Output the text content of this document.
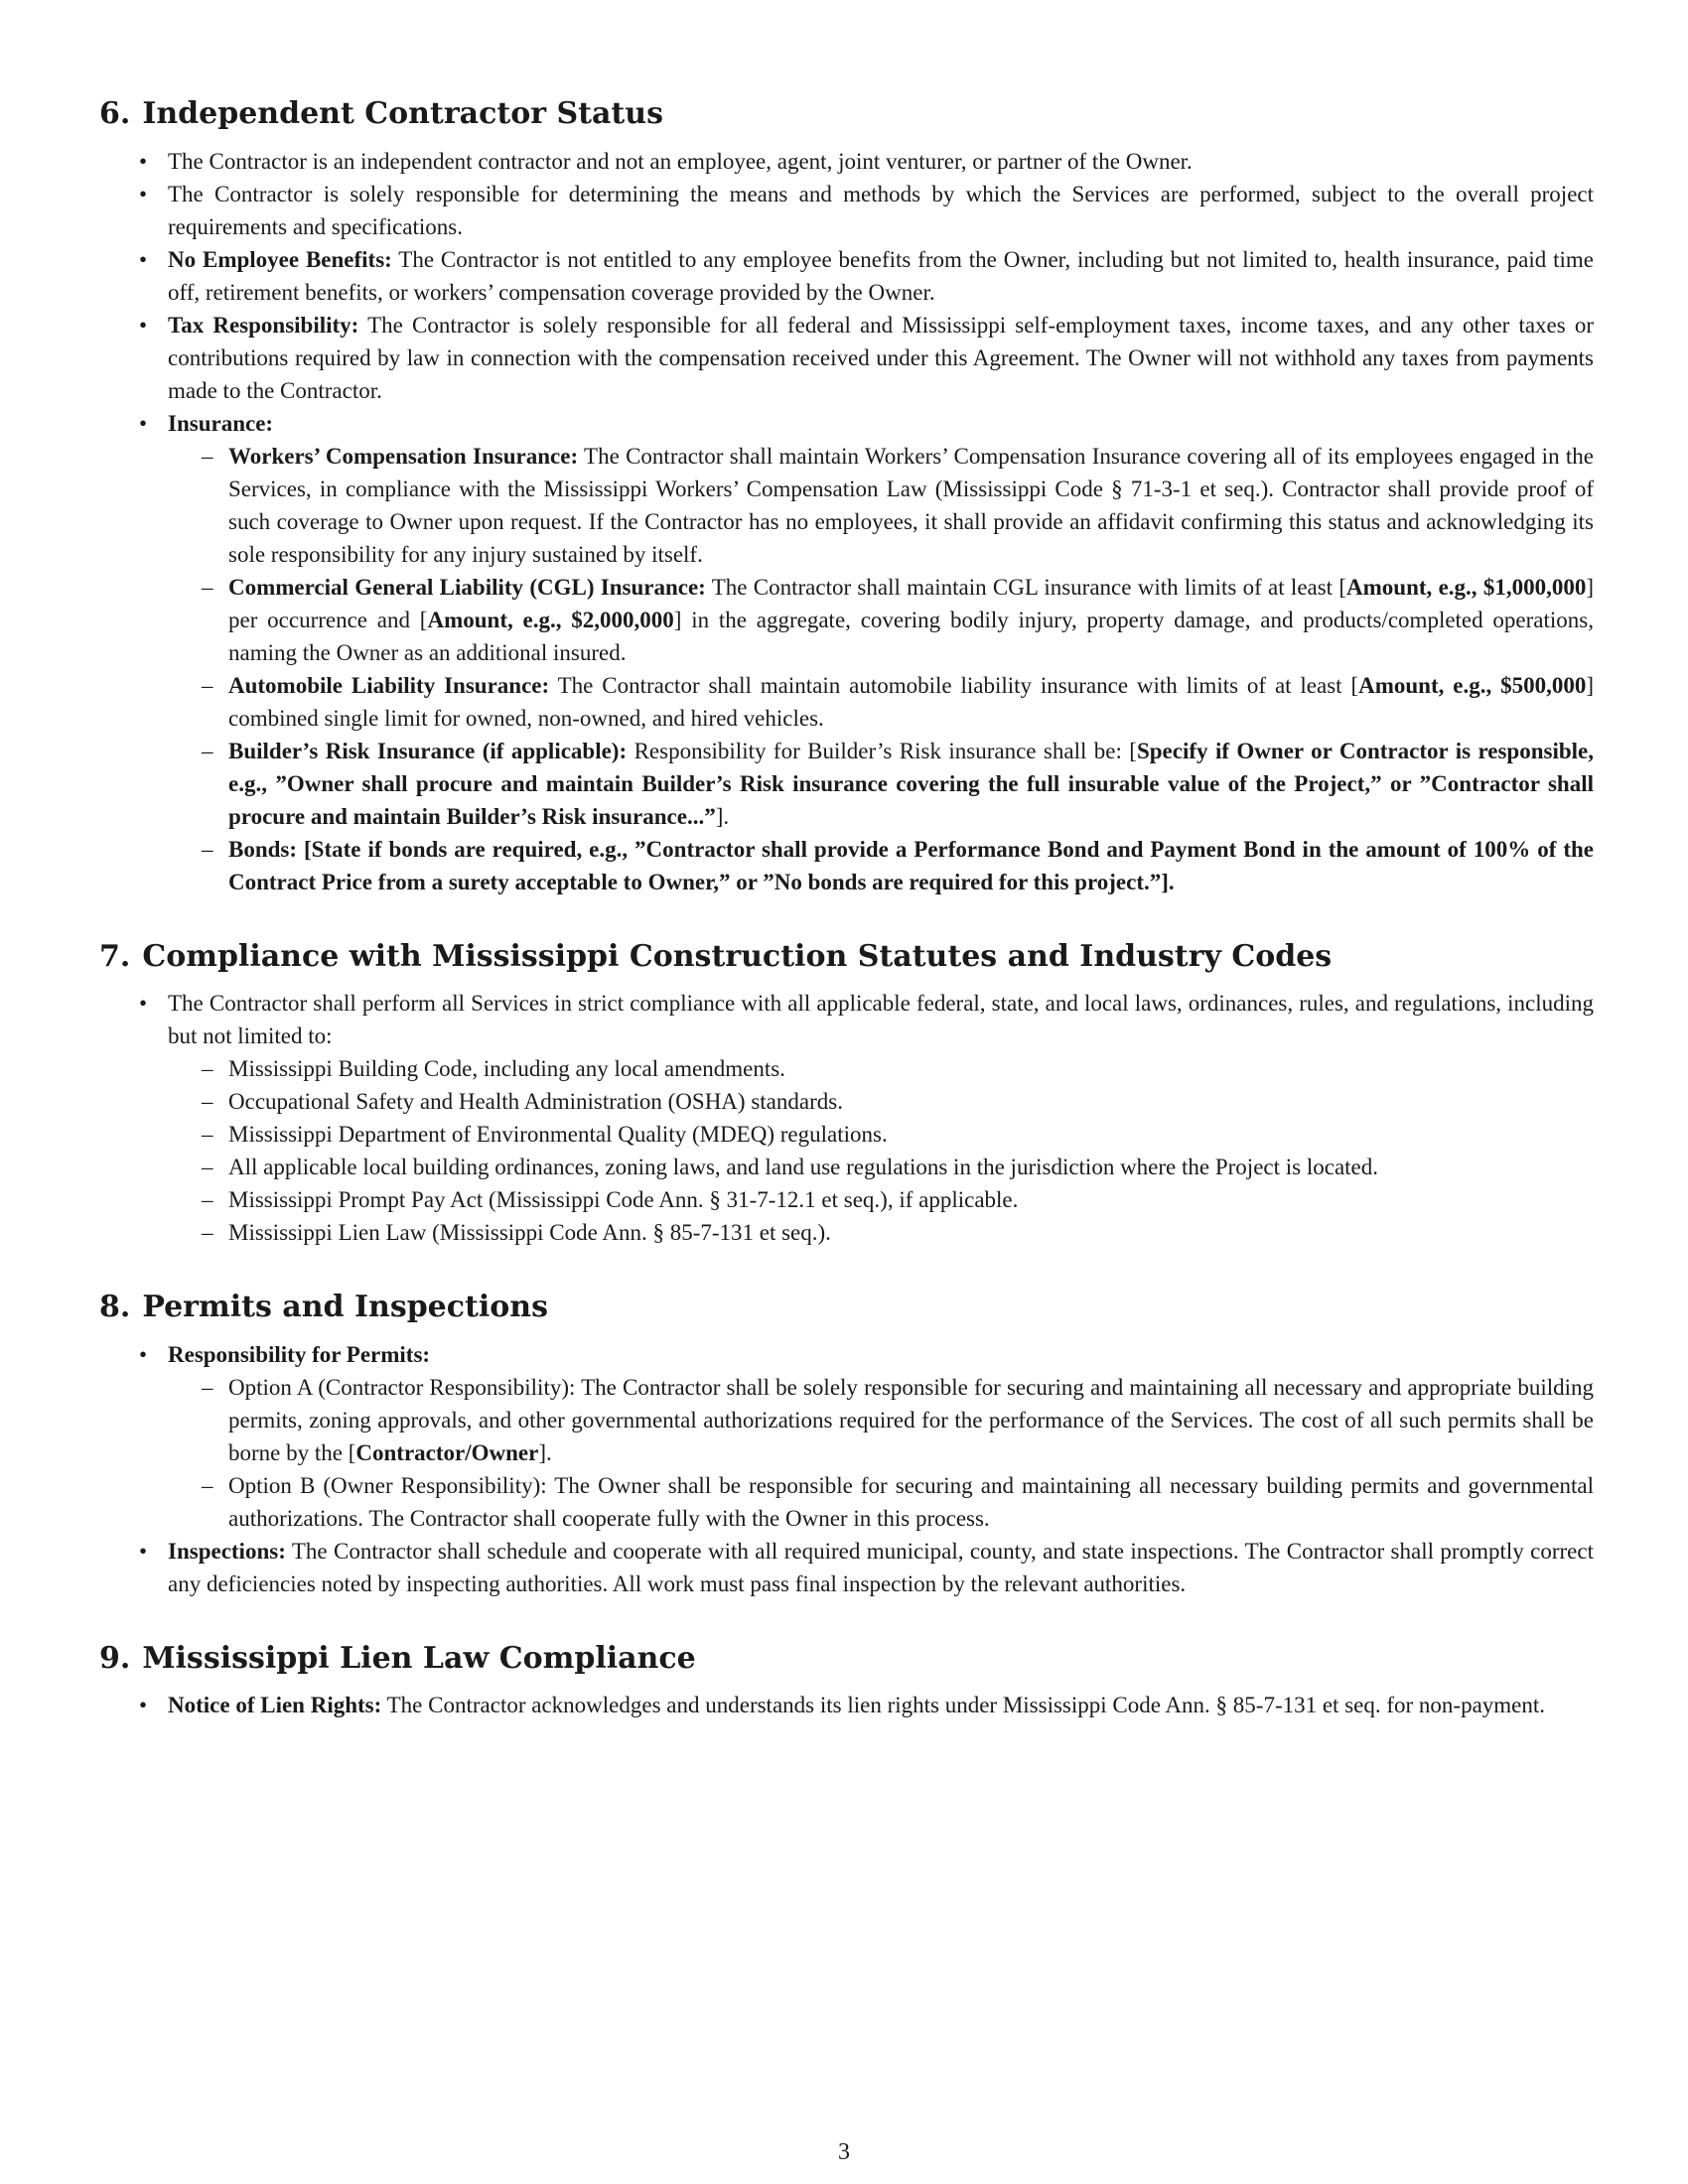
6. Independent Contractor Status
• The Contractor is an independent contractor and not an employee, agent, joint venturer, or partner of the Owner.
• The Contractor is solely responsible for determining the means and methods by which the Services are performed, subject to the overall project requirements and specifications.
• No Employee Benefits: The Contractor is not entitled to any employee benefits from the Owner, including but not limited to, health insurance, paid time off, retirement benefits, or workers’ compensation coverage provided by the Owner.
• Tax Responsibility: The Contractor is solely responsible for all federal and Mississippi self-employment taxes, income taxes, and any other taxes or contributions required by law in connection with the compensation received under this Agreement. The Owner will not withhold any taxes from payments made to the Contractor.
• Insurance:
– Workers’ Compensation Insurance: The Contractor shall maintain Workers’ Compensation Insurance covering all of its employees engaged in the Services, in compliance with the Mississippi Workers’ Compensation Law (Mississippi Code § 71-3-1 et seq.). Contractor shall provide proof of such coverage to Owner upon request. If the Contractor has no employees, it shall provide an affidavit confirming this status and acknowledging its sole responsibility for any injury sustained by itself.
– Commercial General Liability (CGL) Insurance: The Contractor shall maintain CGL insurance with limits of at least [Amount, e.g., $1,000,000] per occurrence and [Amount, e.g., $2,000,000] in the aggregate, covering bodily injury, property damage, and products/completed operations, naming the Owner as an additional insured.
– Automobile Liability Insurance: The Contractor shall maintain automobile liability insurance with limits of at least [Amount, e.g., $500,000] combined single limit for owned, non-owned, and hired vehicles.
– Builder’s Risk Insurance (if applicable): Responsibility for Builder’s Risk insurance shall be: [Specify if Owner or Contractor is responsible, e.g., ”Owner shall procure and maintain Builder’s Risk insurance covering the full insurable value of the Project,” or ”Contractor shall procure and maintain Builder’s Risk insurance...”].
– Bonds: [State if bonds are required, e.g., ”Contractor shall provide a Performance Bond and Payment Bond in the amount of 100% of the Contract Price from a surety acceptable to Owner,” or ”No bonds are required for this project.”].
7. Compliance with Mississippi Construction Statutes and Industry Codes
• The Contractor shall perform all Services in strict compliance with all applicable federal, state, and local laws, ordinances, rules, and regulations, including but not limited to:
– Mississippi Building Code, including any local amendments.
– Occupational Safety and Health Administration (OSHA) standards.
– Mississippi Department of Environmental Quality (MDEQ) regulations.
– All applicable local building ordinances, zoning laws, and land use regulations in the jurisdiction where the Project is located.
– Mississippi Prompt Pay Act (Mississippi Code Ann. § 31-7-12.1 et seq.), if applicable.
– Mississippi Lien Law (Mississippi Code Ann. § 85-7-131 et seq.).
8. Permits and Inspections
• Responsibility for Permits:
– Option A (Contractor Responsibility): The Contractor shall be solely responsible for securing and maintaining all necessary and appropriate building permits, zoning approvals, and other governmental authorizations required for the performance of the Services. The cost of all such permits shall be borne by the [Contractor/Owner].
– Option B (Owner Responsibility): The Owner shall be responsible for securing and maintaining all necessary building permits and governmental authorizations. The Contractor shall cooperate fully with the Owner in this process.
• Inspections: The Contractor shall schedule and cooperate with all required municipal, county, and state inspections. The Contractor shall promptly correct any deficiencies noted by inspecting authorities. All work must pass final inspection by the relevant authorities.
9. Mississippi Lien Law Compliance
• Notice of Lien Rights: The Contractor acknowledges and understands its lien rights under Mississippi Code Ann. § 85-7-131 et seq. for non-payment.
3
